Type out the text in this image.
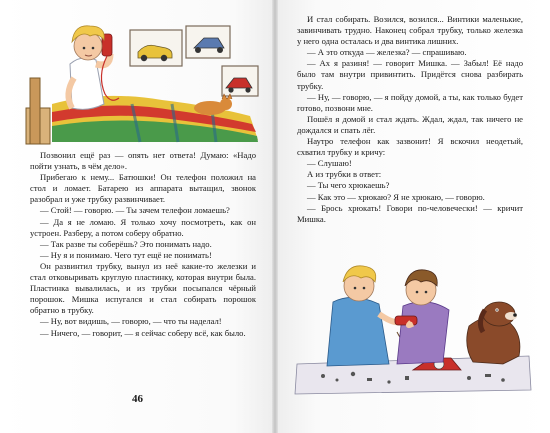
Позвонил ещё раз — опять нет ответа! Думаю: «Надо пойти узнать, в чём дело».

Прибегаю к нему... Батюшки! Он телефон положил на стол и ломает. Батарею из аппарата вытащил, звонок разобрал и уже трубку развинчивает.

— Стой! — говорю. — Ты зачем телефон ломаешь?

— Да я не ломаю. Я только хочу посмотреть, как он устроен. Разберу, а потом соберу обратно.

— Так разве ты соберёшь? Это понимать надо.

— Ну я и понимаю. Чего тут ещё не понимать!

Он развинтил трубку, вынул из неё какие-то железки и стал отковыривать круглую пластинку, которая внутри была. Пластинка вывалилась, и из трубки посыпался чёрный порошок. Мишка испугался и стал собирать порошок обратно в трубку.

— Ну, вот видишь, — говорю, — что ты наделал!

— Ничего, — говорит, — я сейчас соберу всё, как было.

46

И стал собирать. Возился, возился... Винтики маленькие, завинчивать трудно. Наконец собрал трубку, только железка у него одна осталась и два винтика лишних.

— А это откуда — железка? — спрашиваю.

— Ах я разиня! — говорит Мишка. — Забыл! Её надо было там внутри привинтить. Придётся снова разбирать трубку.

— Ну, — говорю, — я пойду домой, а ты, как только будет готово, позвони мне.

Пошёл я домой и стал ждать. Ждал, ждал, так ничего не дождался и спать лёг.

Наутро телефон как зазвонит! Я вскочил неодетый, схватил трубку и кричу:

— Слушаю!

А из трубки в ответ:

— Ты чего хрюкаешь?

— Как это — хрюкаю? Я не хрюкаю, — говорю.

— Брось хрюкать! Говори по-человечески! — кричит Мишка.
